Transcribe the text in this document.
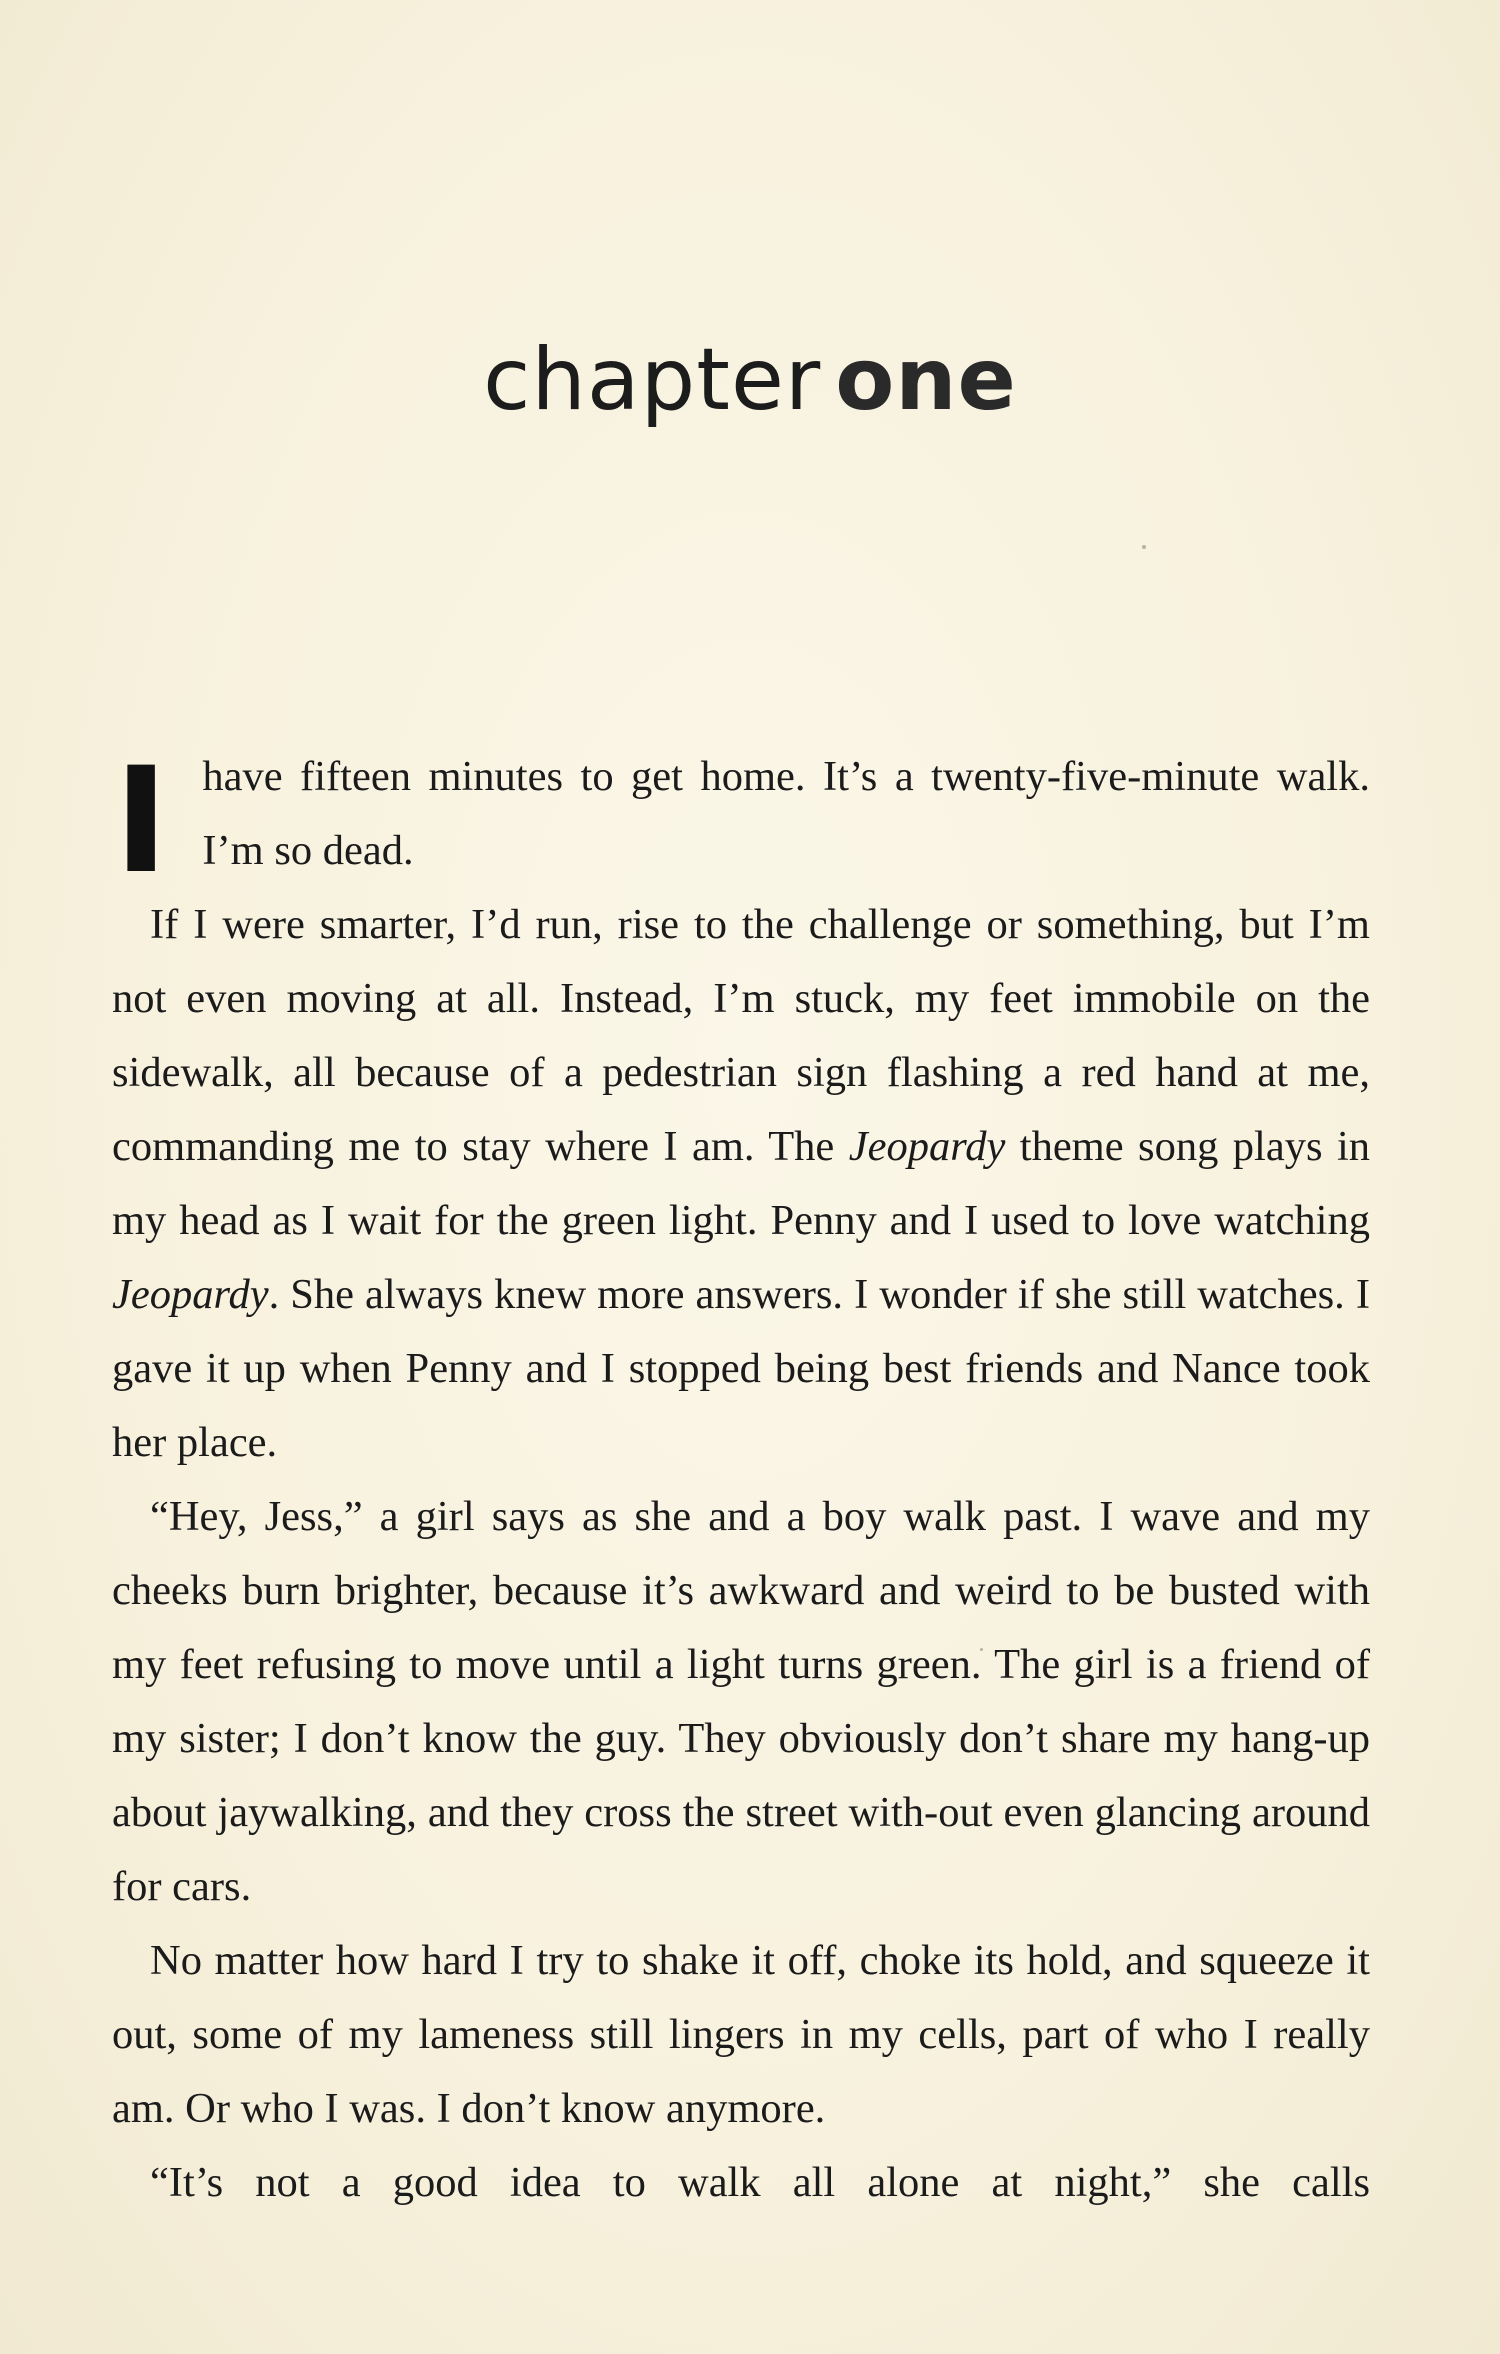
chapter one

I have fifteen minutes to get home. It’s a twenty-five-minute walk. I’m so dead.

If I were smarter, I’d run, rise to the challenge or something, but I’m not even moving at all. Instead, I’m stuck, my feet immobile on the sidewalk, all because of a pedestrian sign flashing a red hand at me, commanding me to stay where I am. The Jeopardy theme song plays in my head as I wait for the green light. Penny and I used to love watching Jeopardy. She always knew more answers. I wonder if she still watches. I gave it up when Penny and I stopped being best friends and Nance took her place.

“Hey, Jess,” a girl says as she and a boy walk past. I wave and my cheeks burn brighter, because it’s awkward and weird to be busted with my feet refusing to move until a light turns green. The girl is a friend of my sister; I don’t know the guy. They obviously don’t share my hang-up about jaywalking, and they cross the street with-out even glancing around for cars.

No matter how hard I try to shake it off, choke its hold, and squeeze it out, some of my lameness still lingers in my cells, part of who I really am. Or who I was. I don’t know anymore.

“It’s not a good idea to walk all alone at night,” she calls
